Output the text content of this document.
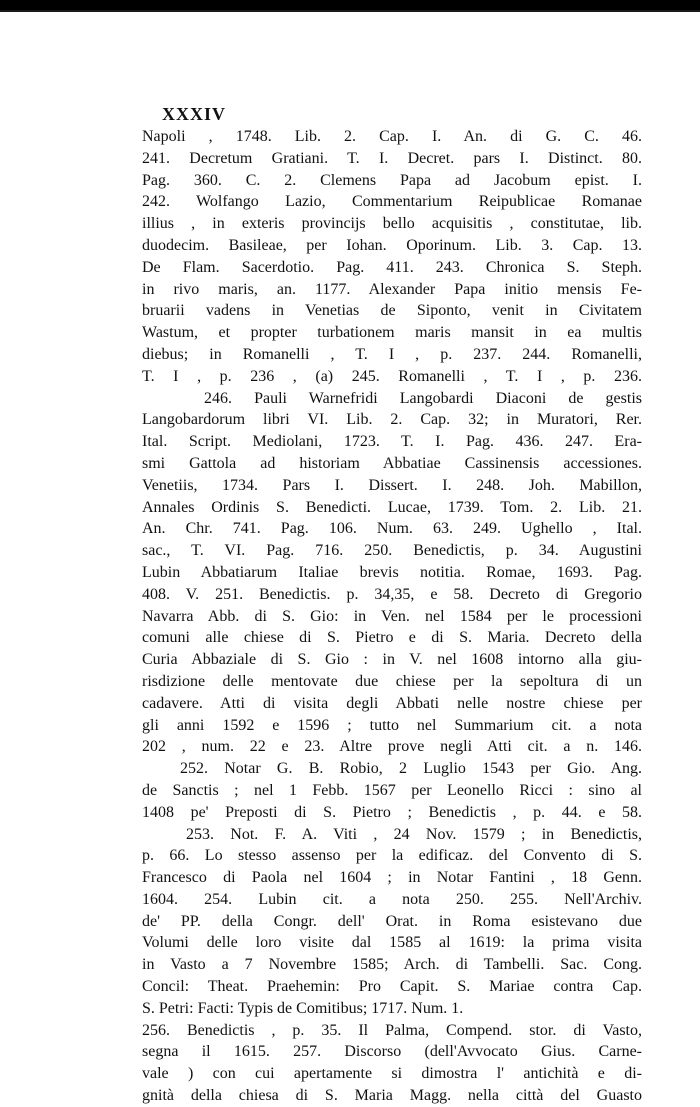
XXXIV
Napoli , 1748. Lib. 2. Cap. I. An. di G. C. 46.
241. Decretum Gratiani. T. I. Decret. pars I. Distinct. 80.
Pag. 360. C. 2. Clemens Papa ad Jacobum epist. I.
242. Wolfango Lazio, Commentarium Reipublicae Romanae
illius , in exteris provincijs bello acquisitis , constitutae, lib.
duodecim. Basileae, per Iohan. Oporinum. Lib. 3. Cap. 13.
De Flam. Sacerdotio. Pag. 411. 243. Chronica S. Steph.
in rivo maris, an. 1177. Alexander Papa initio mensis Fe-
bruarii vadens in Venetias de Siponto, venit in Civitatem
Wastum, et propter turbationem maris mansit in ea multis
diebus; in Romanelli , T. I , p. 237. 244. Romanelli,
T. I , p. 236 , (a) 245. Romanelli , T. I , p. 236.
246. Pauli Warnefridi Langobardi Diaconi de gestis
Langobardorum libri VI. Lib. 2. Cap. 32; in Muratori, Rer.
Ital. Script. Mediolani, 1723. T. I. Pag. 436. 247. Era-
smi Gattola ad historiam Abbatiae Cassinensis accessiones.
Venetiis, 1734. Pars I. Dissert. I. 248. Joh. Mabillon,
Annales Ordinis S. Benedicti. Lucae, 1739. Tom. 2. Lib. 21.
An. Chr. 741. Pag. 106. Num. 63. 249. Ughello , Ital.
sac., T. VI. Pag. 716. 250. Benedictis, p. 34. Augustini
Lubin Abbatiarum Italiae brevis notitia. Romae, 1693. Pag.
408. V. 251. Benedictis. p. 34,35, e 58. Decreto di Gregorio
Navarra Abb. di S. Gio: in Ven. nel 1584 per le processioni
comuni alle chiese di S. Pietro e di S. Maria. Decreto della
Curia Abbaziale di S. Gio : in V. nel 1608 intorno alla giu-
risdizione delle mentovate due chiese per la sepoltura di un
cadavere. Atti di visita degli Abbati nelle nostre chiese per
gli anni 1592 e 1596 ; tutto nel Summarium cit. a nota
202 , num. 22 e 23. Altre prove negli Atti cit. a n. 146.
252. Notar G. B. Robio, 2 Luglio 1543 per Gio. Ang.
de Sanctis ; nel 1 Febb. 1567 per Leonello Ricci : sino al
1408 pe' Preposti di S. Pietro ; Benedictis , p. 44. e 58.
253. Not. F. A. Viti , 24 Nov. 1579 ; in Benedictis,
p. 66. Lo stesso assenso per la edificaz. del Convento di S.
Francesco di Paola nel 1604 ; in Notar Fantini , 18 Genn.
1604. 254. Lubin cit. a nota 250. 255. Nell'Archiv.
de' PP. della Congr. dell' Orat. in Roma esistevano due
Volumi delle loro visite dal 1585 al 1619: la prima visita
in Vasto a 7 Novembre 1585; Arch. di Tambelli. Sac. Cong.
Concil: Theat. Praehemin: Pro Capit. S. Mariae contra Cap.
S. Petri: Facti: Typis de Comitibus; 1717. Num. 1.
256. Benedictis , p. 35. Il Palma, Compend. stor. di Vasto,
segna il 1615. 257. Discorso (dell'Avvocato Gius. Carne-
vale ) con cui apertamente si dimostra l' antichità e di-
gnità della chiesa di S. Maria Magg. nella città del Guasto
